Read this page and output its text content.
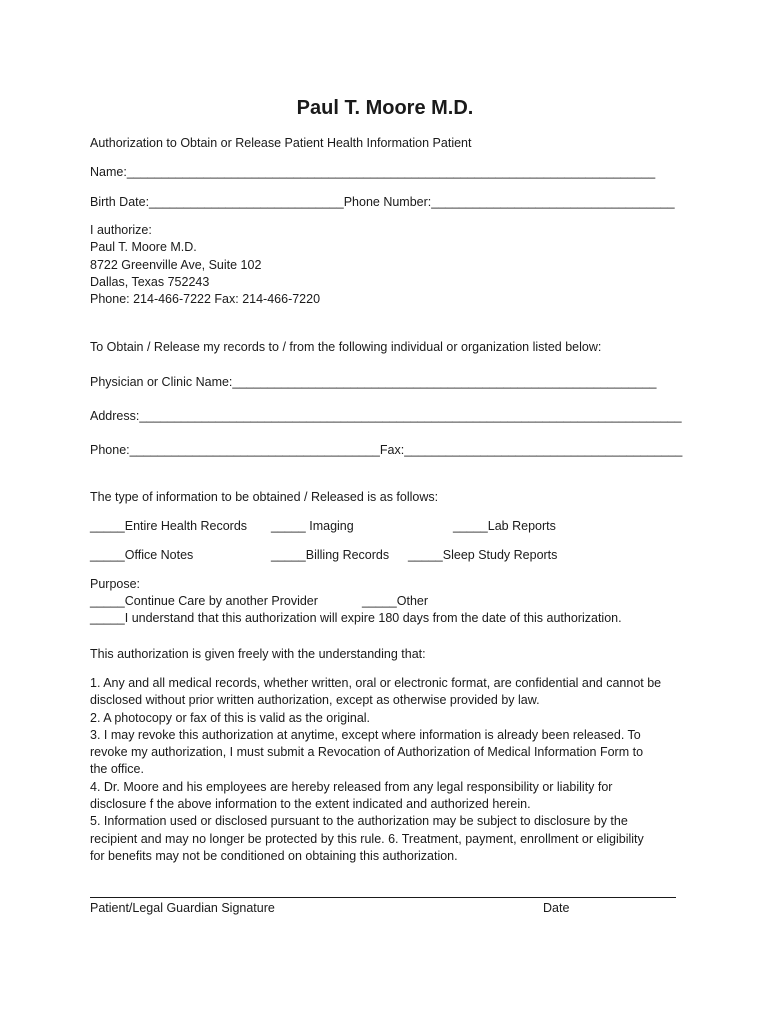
Paul T. Moore M.D.
Authorization to Obtain or Release Patient Health Information Patient
Name:____________________________________________________________________________
Birth Date:____________________________Phone Number:___________________________________
I authorize:
Paul T. Moore M.D.
8722 Greenville Ave, Suite 102
Dallas, Texas 752243
Phone: 214-466-7222 Fax: 214-466-7220
To Obtain / Release my records to / from the following individual or organization listed below:
Physician or Clinic Name:_____________________________________________________________
Address:______________________________________________________________________________
Phone:____________________________________Fax:________________________________________
The type of information to be obtained / Released is as follows:
_____Entire Health Records _____ Imaging	_____Lab Reports
_____Office Notes	_____Billing Records _____Sleep Study Reports
Purpose:
_____Continue Care by another Provider	_____Other
_____I understand that this authorization will expire 180 days from the date of this authorization.
This authorization is given freely with the understanding that:
1. Any and all medical records, whether written, oral or electronic format, are confidential and cannot be
disclosed without prior written authorization, except as otherwise provided by law.
2. A photocopy or fax of this is valid as the original.
3. I may revoke this authorization at anytime, except where information is already been released. To
revoke my authorization, I must submit a Revocation of Authorization of Medical Information Form to
the office.
4. Dr. Moore and his employees are hereby released from any legal responsibility or liability for
disclosure f the above information to the extent indicated and authorized herein.
5. Information used or disclosed pursuant to the authorization may be subject to disclosure by the
recipient and may no longer be protected by this rule. 6. Treatment, payment, enrollment or eligibility
for benefits may not be conditioned on obtaining this authorization.
Patient/Legal Guardian Signature	Date
